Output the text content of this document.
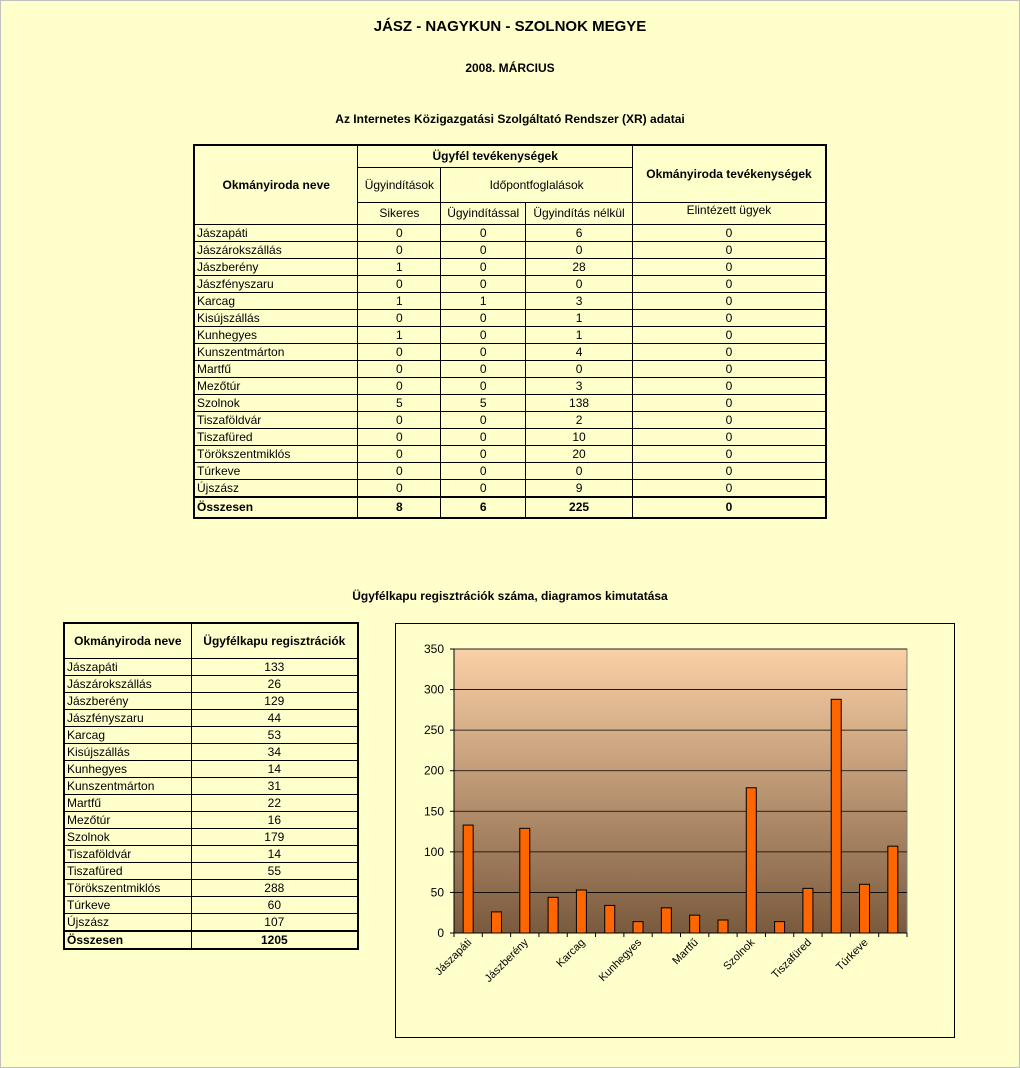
JÁSZ - NAGYKUN - SZOLNOK MEGYE
2008. MÁRCIUS
Az Internetes Közigazgatási Szolgáltató Rendszer (XR) adatai
Okmányiroda neve	Ügyfél tevékenységek			Okmányiroda tevékenységek
	Ügyindítások	Időpontfoglalások		
	Sikeres	Ügyindítással	Ügyindítás nélkül	Elintézett ügyek
Jászapáti	0	0	6	0
Jászárokszállás	0	0	0	0
Jászberény	1	0	28	0
Jászfényszaru	0	0	0	0
Karcag	1	1	3	0
Kisújszállás	0	0	1	0
Kunhegyes	1	0	1	0
Kunszentmárton	0	0	4	0
Martfű	0	0	0	0
Mezőtúr	0	0	3	0
Szolnok	5	5	138	0
Tiszaföldvár	0	0	2	0
Tiszafüred	0	0	10	0
Törökszentmiklós	0	0	20	0
Túrkeve	0	0	0	0
Újszász	0	0	9	0
Összesen	8	6	225	0
Ügyfélkapu regisztrációk száma, diagramos kimutatása
Okmányiroda neve	Ügyfélkapu regisztrációk
Jászapáti	133
Jászárokszállás	26
Jászberény	129
Jászfényszaru	44
Karcag	53
Kisújszállás	34
Kunhegyes	14
Kunszentmárton	31
Martfű	22
Mezőtúr	16
Szolnok	179
Tiszaföldvár	14
Tiszafüred	55
Törökszentmiklós	288
Túrkeve	60
Újszász	107
Összesen	1205	0
50
100
150
200
250
300
350
Jászapáti Jászberény Karcag Kunhegyes Martfű Szolnok Tiszafüred Túrkeve
